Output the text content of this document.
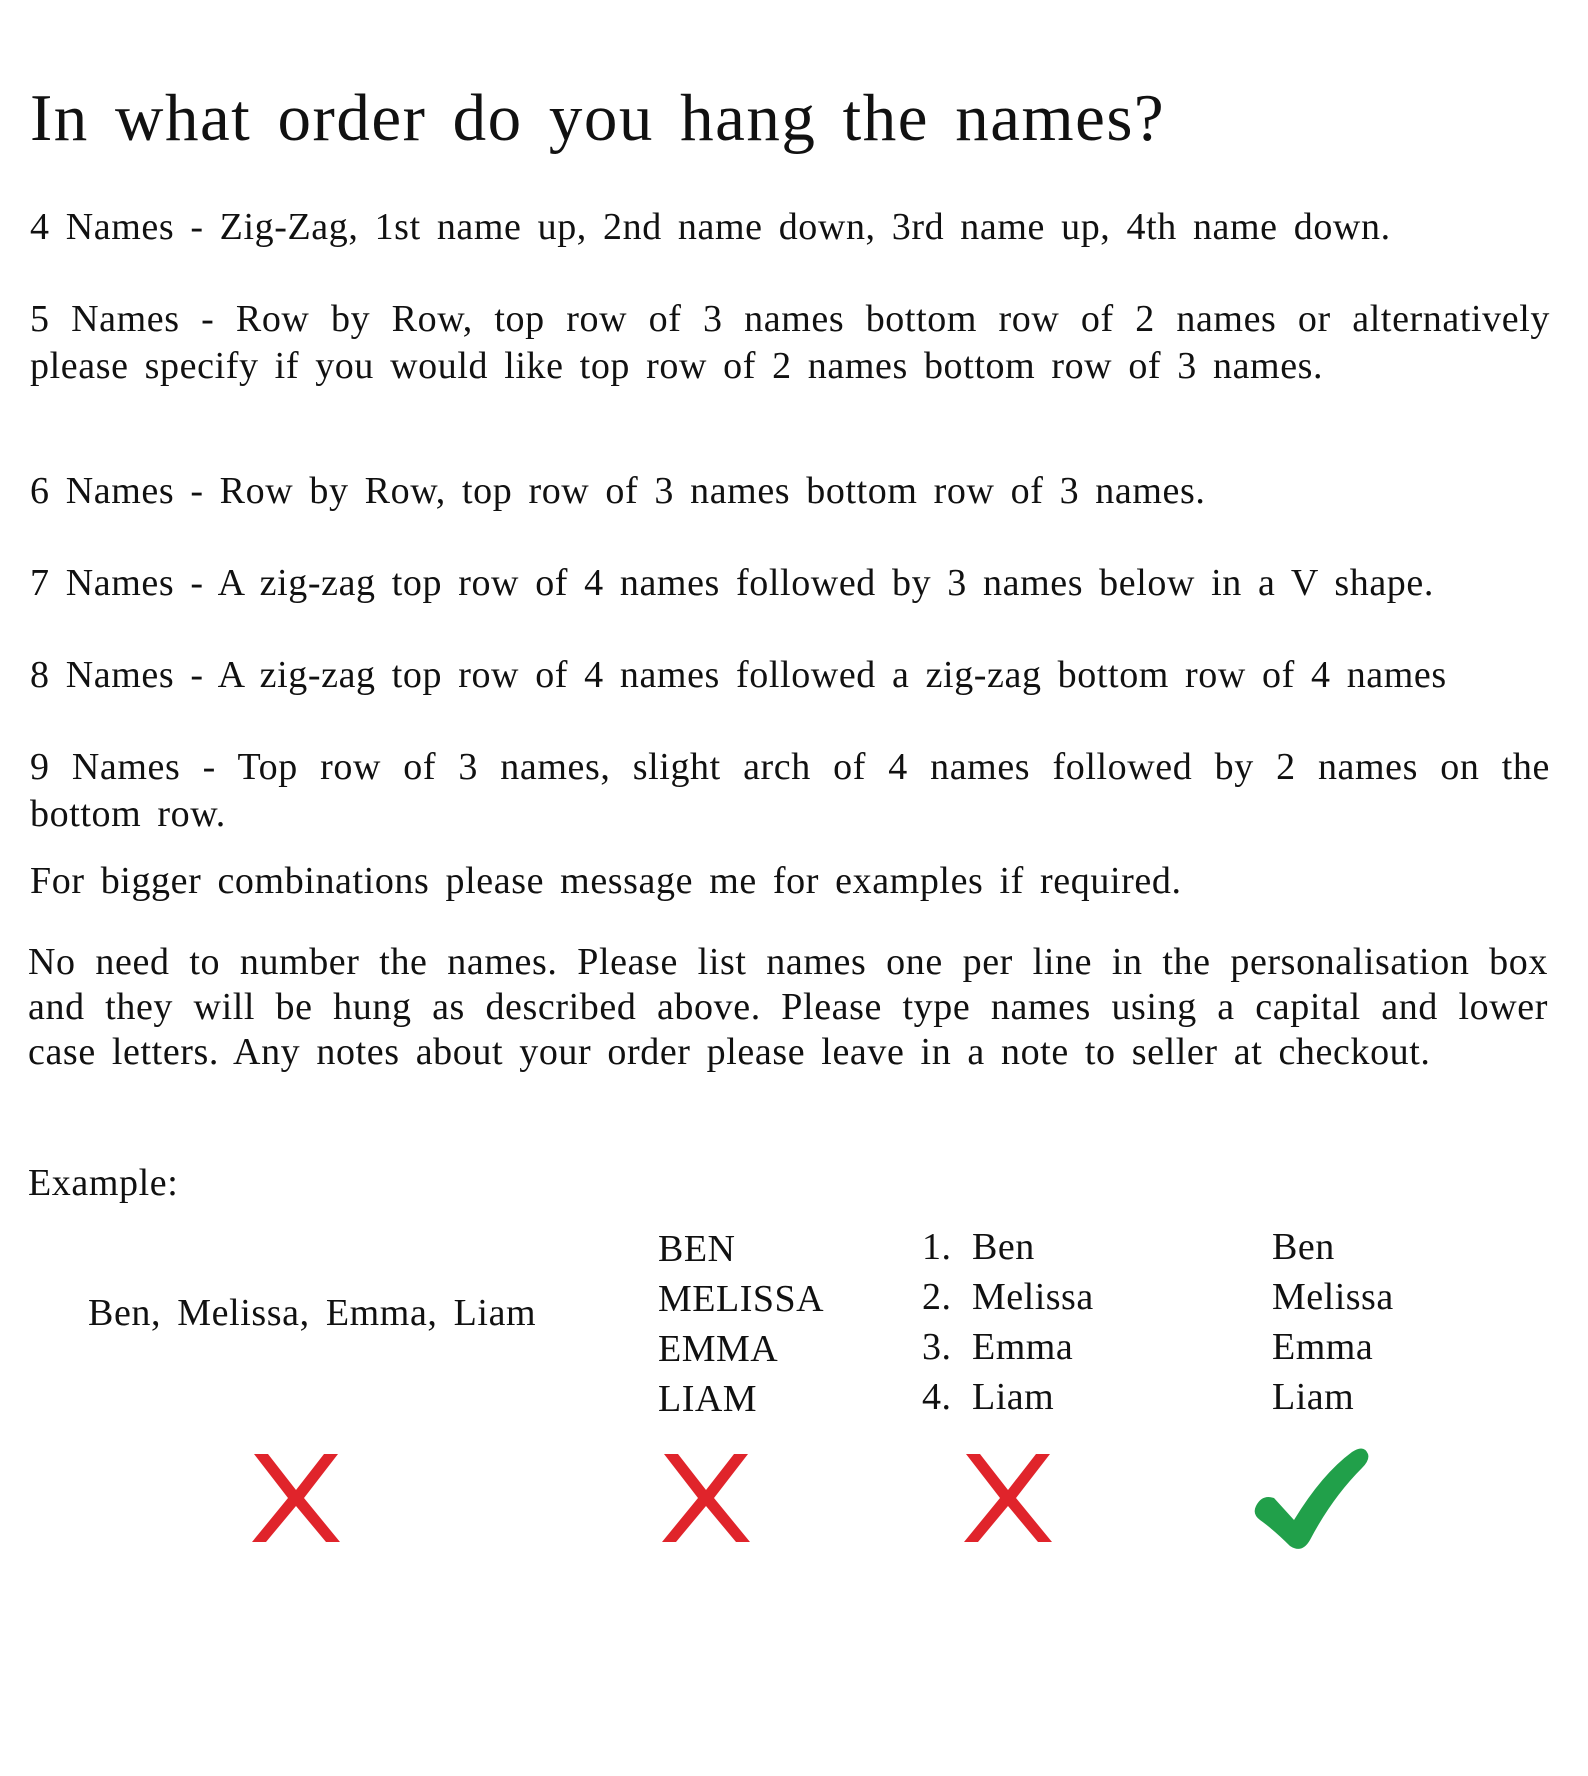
In what order do you hang the names?
4 Names - Zig-Zag, 1st name up, 2nd name down, 3rd name up, 4th name down.
5 Names - Row by Row, top row of 3 names bottom row of 2 names or alternatively please specify if you would like top row of 2 names bottom row of 3 names.
6 Names - Row by Row, top row of 3 names bottom row of 3 names.
7 Names - A zig-zag top row of 4 names followed by 3 names below in a V shape.
8 Names - A zig-zag top row of 4 names followed a zig-zag bottom row of 4 names
9 Names - Top row of 3 names, slight arch of 4 names followed by 2 names on the bottom row.
For bigger combinations please message me for examples if required.
No need to number the names. Please list names one per line in the personalisation box and they will be hung as described above. Please type names using a capital and lower case letters. Any notes about your order please leave in a note to seller at checkout.
Example:
Ben, Melissa, Emma, Liam
BEN
MELISSA
EMMA
LIAM
1. Ben
2. Melissa
3. Emma
4. Liam
Ben
Melissa
Emma
Liam
